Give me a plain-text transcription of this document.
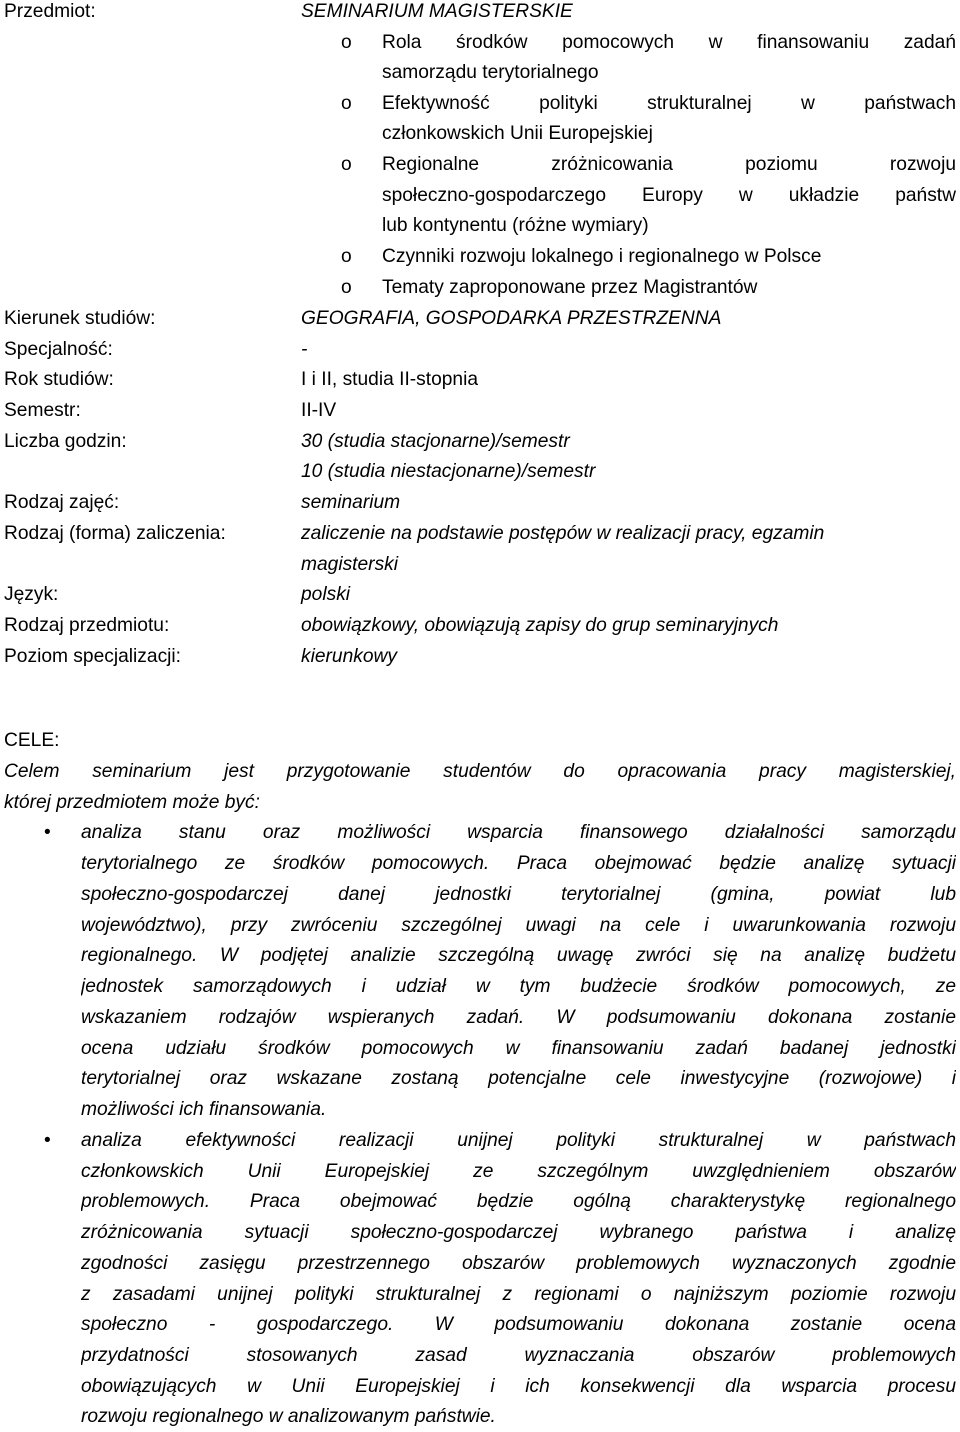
Przedmiot:	SEMINARIUM MAGISTERSKIE
o Rola środków pomocowych w finansowaniu zadań
samorządu terytorialnego
o Efektywność polityki strukturalnej w państwach
członkowskich Unii Europejskiej
o Regionalne zróżnicowania poziomu rozwoju
społeczno-gospodarczego Europy w układzie państw
lub kontynentu (różne wymiary)
o Czynniki rozwoju lokalnego i regionalnego w Polsce
o Tematy zaproponowane przez Magistrantów
Kierunek studiów:	GEOGRAFIA, GOSPODARKA PRZESTRZENNA
Specjalność:	-
Rok studiów:	I i II, studia II-stopnia
Semestr:	II-IV
Liczba godzin:	30 (studia stacjonarne)/semestr
10 (studia niestacjonarne)/semestr
Rodzaj zajęć:	seminarium
Rodzaj (forma) zaliczenia:	zaliczenie na podstawie postępów w realizacji pracy, egzamin
magisterski
Język:	polski
Rodzaj przedmiotu:	obowiązkowy, obowiązują zapisy do grup seminaryjnych
Poziom specjalizacji:	kierunkowy
CELE:
Celem seminarium jest przygotowanie studentów do opracowania pracy magisterskiej,
której przedmiotem może być:
• analiza stanu oraz możliwości wsparcia finansowego działalności samorządu
terytorialnego ze środków pomocowych. Praca obejmować będzie analizę sytuacji
społeczno-gospodarczej danej jednostki terytorialnej (gmina, powiat lub
województwo), przy zwróceniu szczególnej uwagi na cele i uwarunkowania rozwoju
regionalnego. W podjętej analizie szczególną uwagę zwróci się na analizę budżetu
jednostek samorządowych i udział w tym budżecie środków pomocowych, ze
wskazaniem rodzajów wspieranych zadań. W podsumowaniu dokonana zostanie
ocena udziału środków pomocowych w finansowaniu zadań badanej jednostki
terytorialnej oraz wskazane zostaną potencjalne cele inwestycyjne (rozwojowe) i
możliwości ich finansowania.
• analiza efektywności realizacji unijnej polityki strukturalnej w państwach
członkowskich Unii Europejskiej ze szczególnym uwzględnieniem obszarów
problemowych. Praca obejmować będzie ogólną charakterystykę regionalnego
zróżnicowania sytuacji społeczno-gospodarczej wybranego państwa i analizę
zgodności zasięgu przestrzennego obszarów problemowych wyznaczonych zgodnie
z zasadami unijnej polityki strukturalnej z regionami o najniższym poziomie rozwoju
społeczno - gospodarczego. W podsumowaniu dokonana zostanie ocena
przydatności stosowanych zasad wyznaczania obszarów problemowych
obowiązujących w Unii Europejskiej i ich konsekwencji dla wsparcia procesu
rozwoju regionalnego w analizowanym państwie.
